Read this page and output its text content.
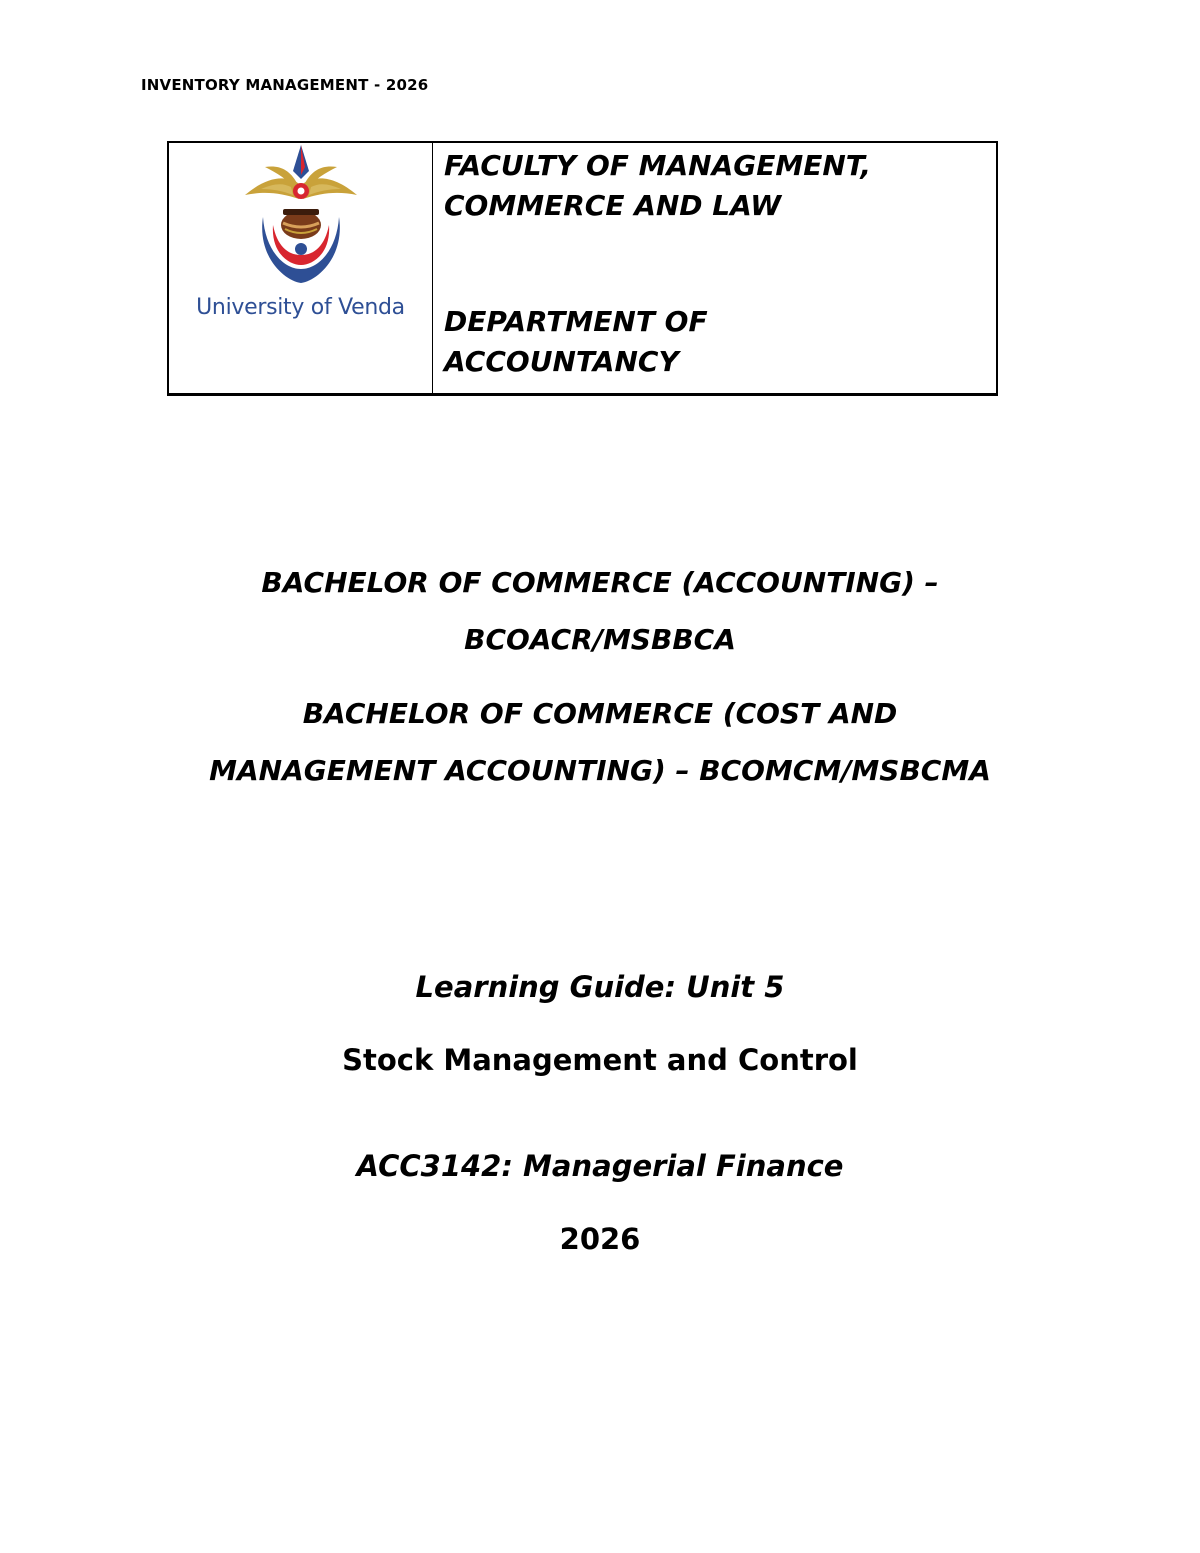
INVENTORY MANAGEMENT - 2026
University of Venda

FACULTY OF MANAGEMENT,
COMMERCE AND LAW

DEPARTMENT OF
ACCOUNTANCY

BACHELOR OF COMMERCE (ACCOUNTING) –
BCOACR/MSBBCA

BACHELOR OF COMMERCE (COST AND
MANAGEMENT ACCOUNTING) – BCOMCM/MSBCMA

Learning Guide: Unit 5

Stock Management and Control

ACC3142: Managerial Finance

2026
